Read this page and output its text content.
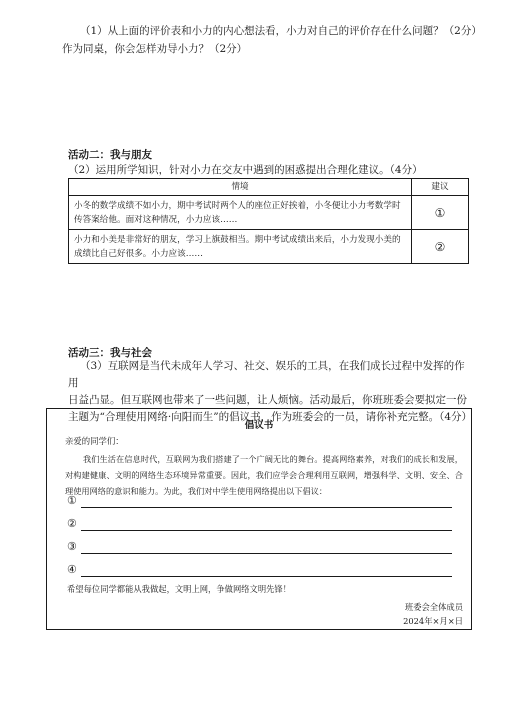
（1）从上面的评价表和小力的内心想法看，小力对自己的评价存在什么问题？（2分）
作为同桌，你会怎样劝导小力？（2分）
活动二：我与朋友
（2）运用所学知识，针对小力在交友中遇到的困惑提出合理化建议。（4分）
情境	建议
小冬的数学成绩不如小力，期中考试时两个人的座位正好挨着，小冬便让小力考数学时传答案给他。面对这种情况，小力应该……	①
小力和小美是非常好的朋友，学习上旗鼓相当。期中考试成绩出来后，小力发现小美的成绩比自己好很多。小力应该……	②
活动三：我与社会
（3）互联网是当代未成年人学习、社交、娱乐的工具，在我们成长过程中发挥的作用
日益凸显。但互联网也带来了一些问题，让人烦恼。活动最后，你班班委会要拟定一份主题为“合理使用网络·向阳而生”的倡议书，作为班委会的一员，请你补充完整。（4分）
倡议书
亲爱的同学们：
我们生活在信息时代，互联网为我们搭建了一个广阔无比的舞台。提高网络素养，对我们的成长和发展，对构建健康、文明的网络生态环境异常重要。因此，我们应学会合理利用互联网，增强科学、文明、安全、合理使用网络的意识和能力。为此，我们对中学生使用网络提出以下倡议：
①
②
③
④
希望每位同学都能从我做起，文明上网，争做网络文明先锋！
班委会全体成员
2024年×月×日
